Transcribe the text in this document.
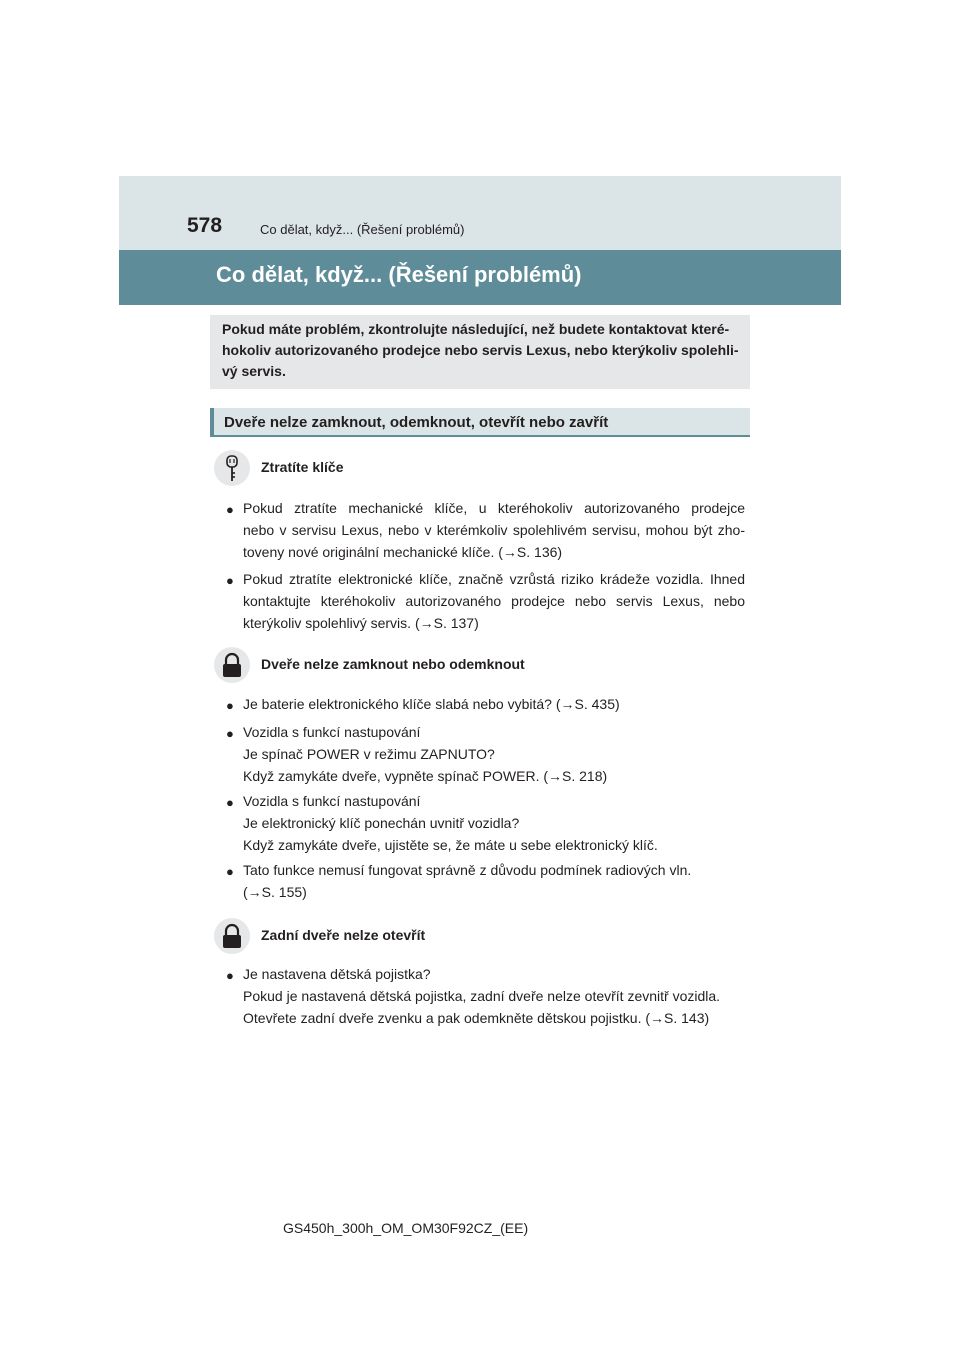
578	Co dělat, když... (Řešení problémů)
Co dělat, když... (Řešení problémů)
Pokud máte problém, zkontrolujte následující, než budete kontaktovat které-
hokoliv autorizovaného prodejce nebo servis Lexus, nebo kterýkoliv spolehli-
vý servis.
Dveře nelze zamknout, odemknout, otevřít nebo zavřít
Ztratíte klíče
● Pokud ztratíte mechanické klíče, u kteréhokoliv autorizovaného prodejce
nebo v servisu Lexus, nebo v kterémkoliv spolehlivém servisu, mohou být zho-
toveny nové originální mechanické klíče. (→S. 136)
● Pokud ztratíte elektronické klíče, značně vzrůstá riziko krádeže vozidla. Ihned
kontaktujte kteréhokoliv autorizovaného prodejce nebo servis Lexus, nebo
kterýkoliv spolehlivý servis. (→S. 137)
Dveře nelze zamknout nebo odemknout
● Je baterie elektronického klíče slabá nebo vybitá? (→S. 435)
● Vozidla s funkcí nastupování
Je spínač POWER v režimu ZAPNUTO?
Když zamykáte dveře, vypněte spínač POWER. (→S. 218)
● Vozidla s funkcí nastupování
Je elektronický klíč ponechán uvnitř vozidla?
Když zamykáte dveře, ujistěte se, že máte u sebe elektronický klíč.
● Tato funkce nemusí fungovat správně z důvodu podmínek radiových vln.
(→S. 155)
Zadní dveře nelze otevřít
● Je nastavena dětská pojistka?
Pokud je nastavená dětská pojistka, zadní dveře nelze otevřít zevnitř vozidla.
Otevřete zadní dveře zvenku a pak odemkněte dětskou pojistku. (→S. 143)
GS450h_300h_OM_OM30F92CZ_(EE)
